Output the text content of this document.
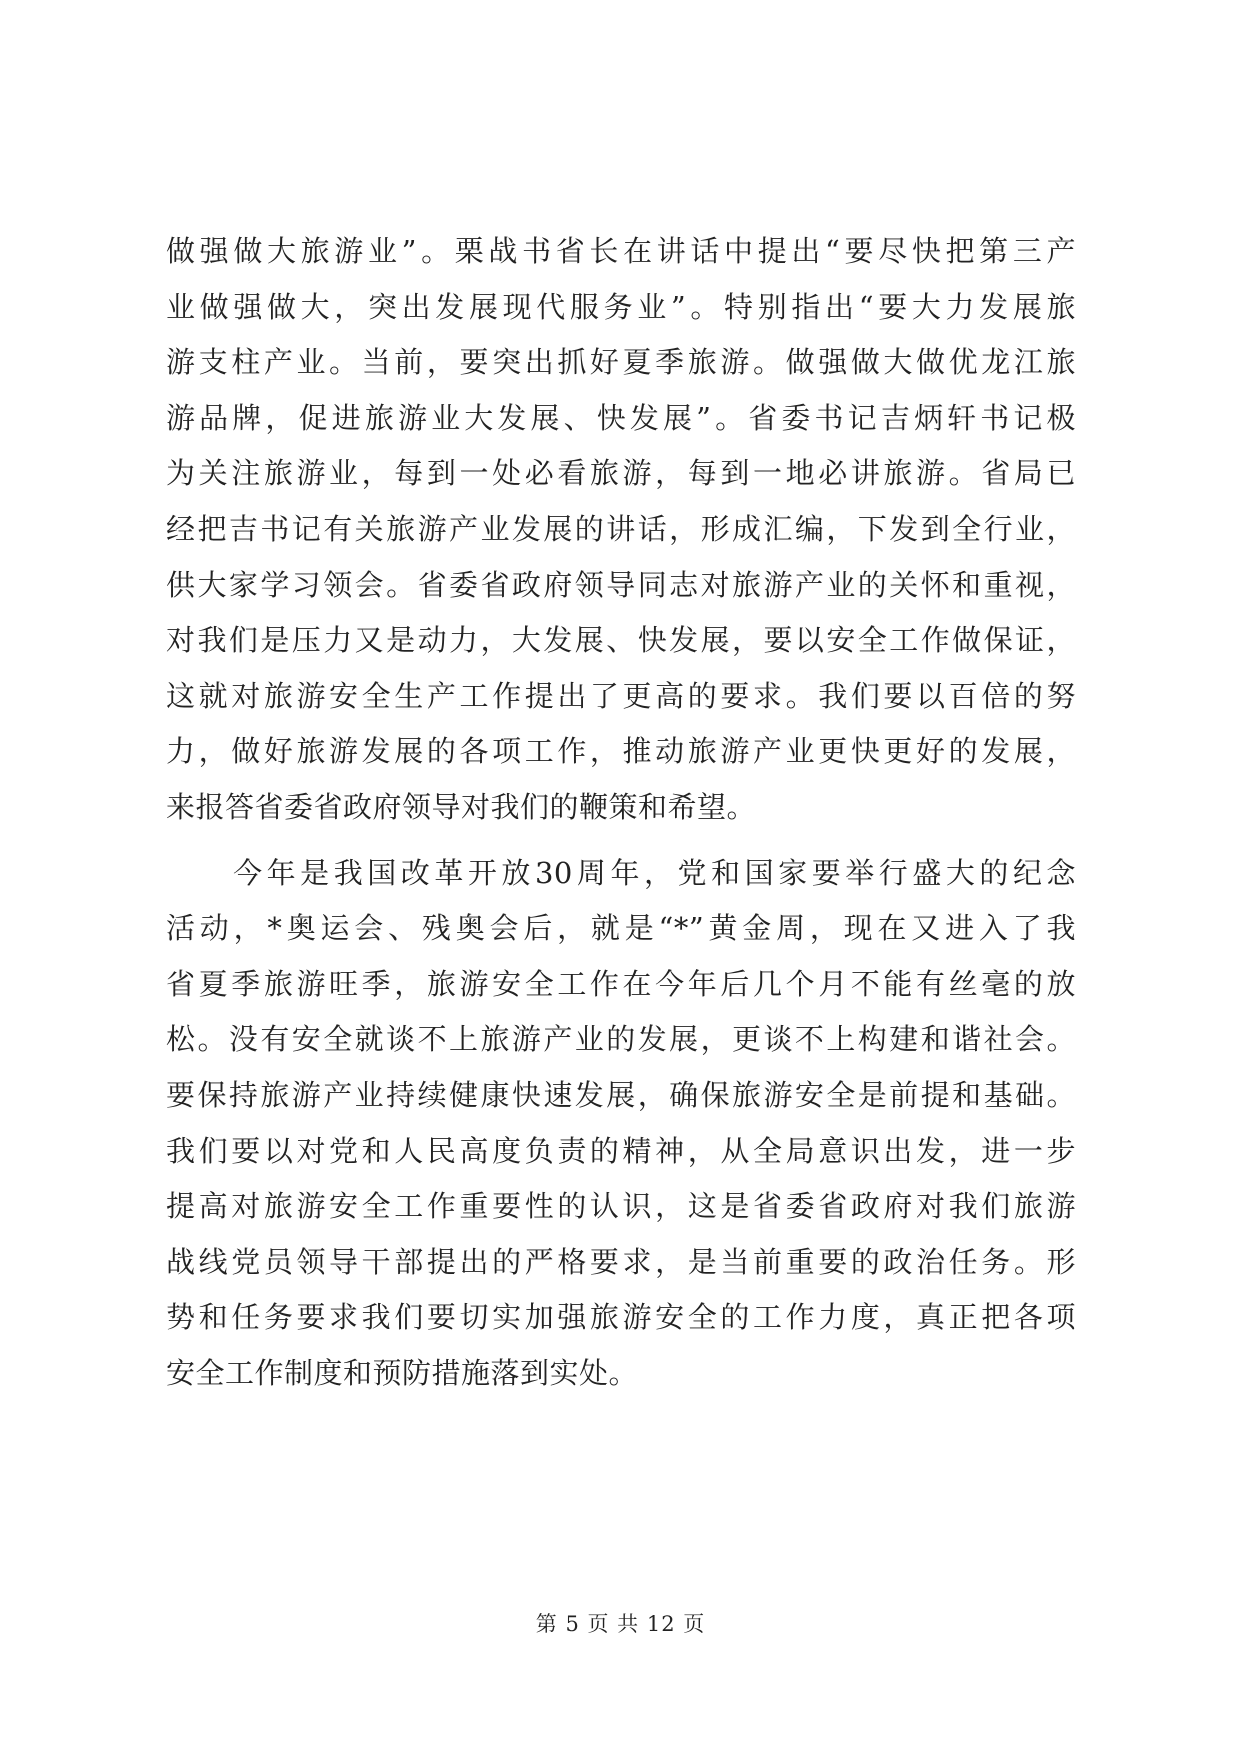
做强做大旅游业”。栗战书省长在讲话中提出“要尽快把第三产
业做强做大，突出发展现代服务业”。特别指出“要大力发展旅
游支柱产业。当前，要突出抓好夏季旅游。做强做大做优龙江旅
游品牌，促进旅游业大发展、快发展”。省委书记吉炳轩书记极
为关注旅游业，每到一处必看旅游，每到一地必讲旅游。省局已
经把吉书记有关旅游产业发展的讲话，形成汇编，下发到全行业，
供大家学习领会。省委省政府领导同志对旅游产业的关怀和重视，
对我们是压力又是动力，大发展、快发展，要以安全工作做保证，
这就对旅游安全生产工作提出了更高的要求。我们要以百倍的努
力，做好旅游发展的各项工作，推动旅游产业更快更好的发展，
来报答省委省政府领导对我们的鞭策和希望。
　　今年是我国改革开放30周年，党和国家要举行盛大的纪念
活动，*奥运会、残奥会后，就是“*”黄金周，现在又进入了我
省夏季旅游旺季，旅游安全工作在今年后几个月不能有丝毫的放
松。没有安全就谈不上旅游产业的发展，更谈不上构建和谐社会。
要保持旅游产业持续健康快速发展，确保旅游安全是前提和基础。
我们要以对党和人民高度负责的精神，从全局意识出发，进一步
提高对旅游安全工作重要性的认识，这是省委省政府对我们旅游
战线党员领导干部提出的严格要求，是当前重要的政治任务。形
势和任务要求我们要切实加强旅游安全的工作力度，真正把各项
安全工作制度和预防措施落到实处。
第 5 页 共 12 页
